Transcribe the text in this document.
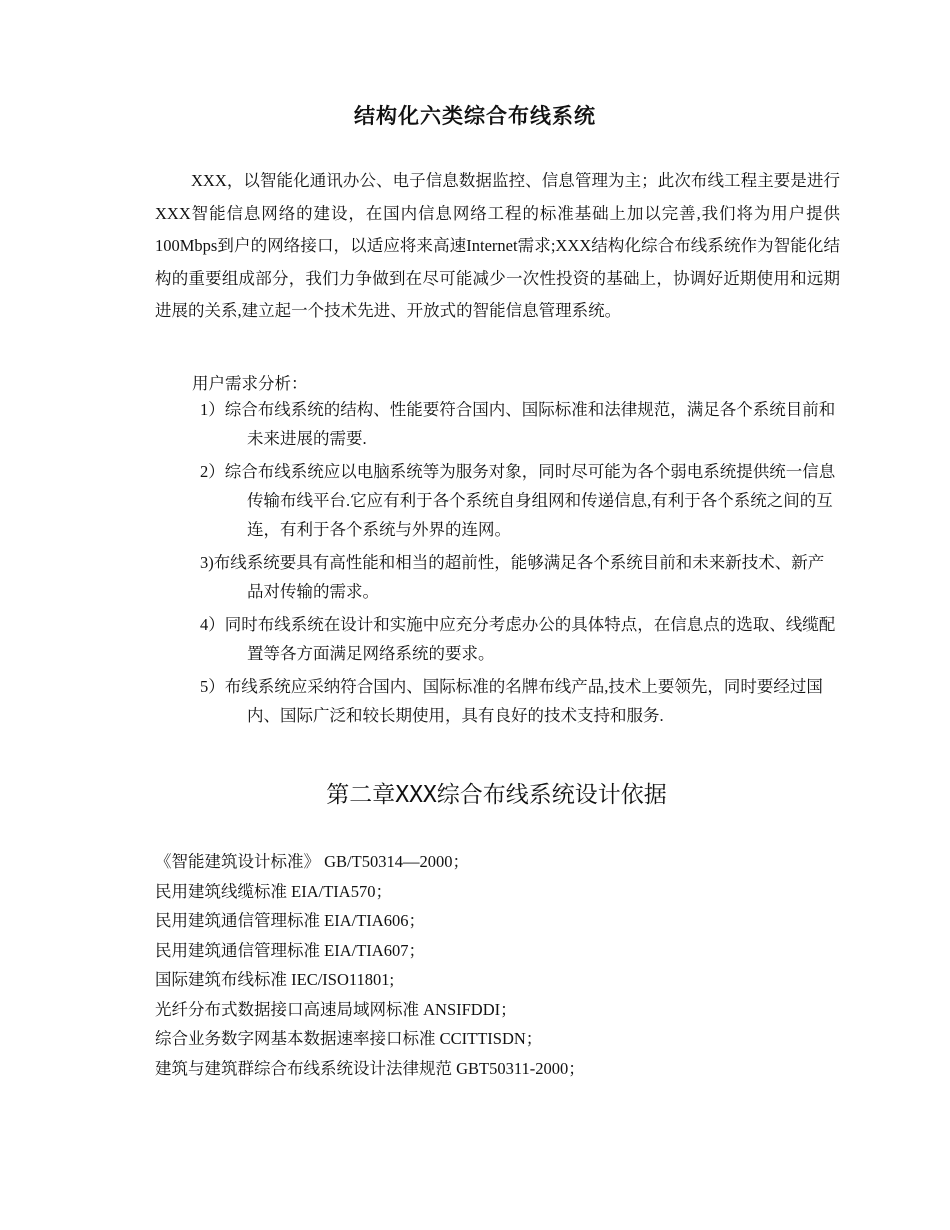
结构化六类综合布线系统

XXX，以智能化通讯办公、电子信息数据监控、信息管理为主；此次布线工程主要是进行XXX智能信息网络的建设，在国内信息网络工程的标准基础上加以完善,我们将为用户提供100Mbps到户的网络接口，以适应将来高速Internet需求;XXX结构化综合布线系统作为智能化结构的重要组成部分，我们力争做到在尽可能减少一次性投资的基础上，协调好近期使用和远期进展的关系,建立起一个技术先进、开放式的智能信息管理系统。

用户需求分析：
1）综合布线系统的结构、性能要符合国内、国际标准和法律规范，满足各个系统目前和未来进展的需要.
2）综合布线系统应以电脑系统等为服务对象，同时尽可能为各个弱电系统提供统一信息传输布线平台.它应有利于各个系统自身组网和传递信息,有利于各个系统之间的互连，有利于各个系统与外界的连网。
3)布线系统要具有高性能和相当的超前性，能够满足各个系统目前和未来新技术、新产品对传输的需求。
4）同时布线系统在设计和实施中应充分考虑办公的具体特点，在信息点的选取、线缆配置等各方面满足网络系统的要求。
5）布线系统应采纳符合国内、国际标准的名牌布线产品,技术上要领先，同时要经过国内、国际广泛和较长期使用，具有良好的技术支持和服务.
第二章XXX综合布线系统设计依据
《智能建筑设计标准》 GB/T50314—2000；
民用建筑线缆标准 EIA/TIA570；
民用建筑通信管理标准 EIA/TIA606；
民用建筑通信管理标准 EIA/TIA607；
国际建筑布线标准 IEC/ISO11801;
光纤分布式数据接口高速局域网标准 ANSIFDDI；
综合业务数字网基本数据速率接口标准 CCITTISDN；
建筑与建筑群综合布线系统设计法律规范 GBT50311-2000；
